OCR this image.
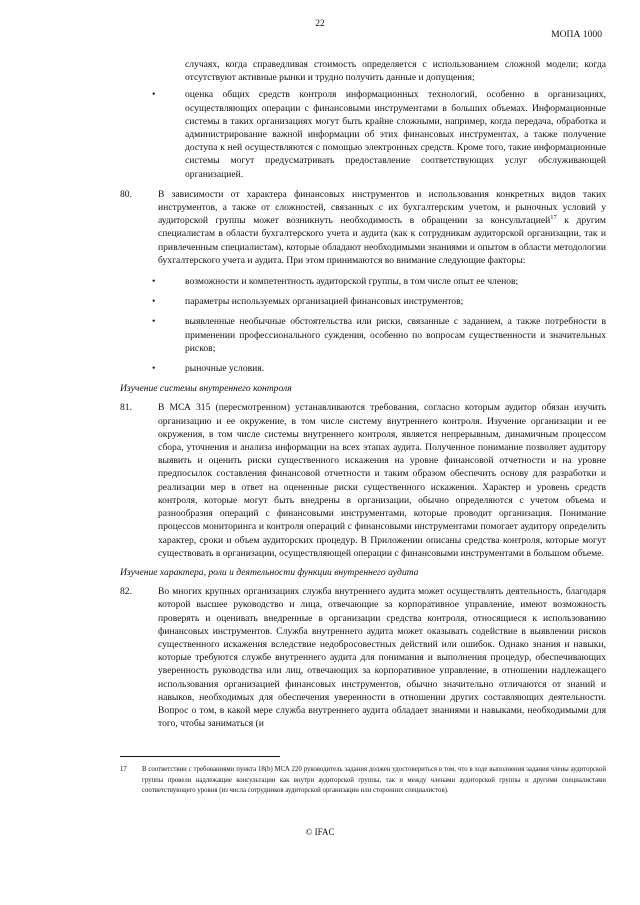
22
МОПА 1000

случаях, когда справедливая стоимость определяется с использованием сложной модели; когда отсутствуют активные рынки и трудно получить данные и допущения;

•	оценка общих средств контроля информационных технологий, особенно в организациях, осуществляющих операции с финансовыми инструментами в больших объемах. Информационные системы в таких организациях могут быть крайне сложными, например, когда передача, обработка и администрирование важной информации об этих финансовых инструментах, а также получение доступа к ней осуществляются с помощью электронных средств. Кроме того, такие информационные системы могут предусматривать предоставление соответствующих услуг обслуживающей организацией.

80.	В зависимости от характера финансовых инструментов и использования конкретных видов таких инструментов, а также от сложностей, связанных с их бухгалтерским учетом, и рыночных условий у аудиторской группы может возникнуть необходимость в обращении за консультацией$^{17}$ к другим специалистам в области бухгалтерского учета и аудита (как к сотрудникам аудиторской организации, так и привлеченным специалистам), которые обладают необходимыми знаниями и опытом в области методологии бухгалтерского учета и аудита. При этом принимаются во внимание следующие факторы:

•	возможности и компетентность аудиторской группы, в том числе опыт ее членов;

•	параметры используемых организацией финансовых инструментов;

•	выявленные необычные обстоятельства или риски, связанные с заданием, а также потребности в применении профессионального суждения, особенно по вопросам существенности и значительных рисков;

•	рыночные условия.

Изучение системы внутреннего контроля
81.	В МСА 315 (пересмотренном) устанавливаются требования, согласно которым аудитор обязан изучить организацию и ее окружение, в том числе систему внутреннего контроля. Изучение организации и ее окружения, в том числе системы внутреннего контроля, является непрерывным, динамичным процессом сбора, уточнения и анализа информации на всех этапах аудита. Полученное понимание позволяет аудитору выявить и оценить риски существенного искажения на уровне финансовой отчетности и на уровне предпосылок составления финансовой отчетности и таким образом обеспечить основу для разработки и реализации мер в ответ на оцененные риски существенного искажения. Характер и уровень средств контроля, которые могут быть внедрены в организации, обычно определяются с учетом объема и разнообразия операций с финансовыми инструментами, которые проводит организация. Понимание процессов мониторинга и контроля операций с финансовыми инструментами помогает аудитору определить характер, сроки и объем аудиторских процедур. В Приложении описаны средства контроля, которые могут существовать в организации, осуществляющей операции с финансовыми инструментами в большом объеме.

Изучение характера, роли и деятельности функции внутреннего аудита
82.	Во многих крупных организациях служба внутреннего аудита может осуществлять деятельность, благодаря которой высшее руководство и лица, отвечающие за корпоративное управление, имеют возможность проверять и оценивать внедренные в организации средства контроля, относящиеся к использованию финансовых инструментов. Служба внутреннего аудита может оказывать содействие в выявлении рисков существенного искажения вследствие недобросовестных действий или ошибок. Однако знания и навыки, которые требуются службе внутреннего аудита для понимания и выполнения процедур, обеспечивающих уверенность руководства или лиц, отвечающих за корпоративное управление, в отношении надлежащего использования организацией финансовых инструментов, обычно значительно отличаются от знаний и навыков, необходимых для обеспечения уверенности в отношении других составляющих деятельности. Вопрос о том, в какой мере служба внутреннего аудита обладает знаниями и навыками, необходимыми для того, чтобы заниматься (и

17	В соответствии с требованиями пункта 18(b) МСА 220 руководитель задания должен удостовериться в том, что в ходе выполнения задания члены аудиторской группы провели надлежащие консультации как внутри аудиторской группы, так и между членами аудиторской группы и другими специалистами соответствующего уровня (из числа сотрудников аудиторской организации или сторонних специалистов).
© IFAC
